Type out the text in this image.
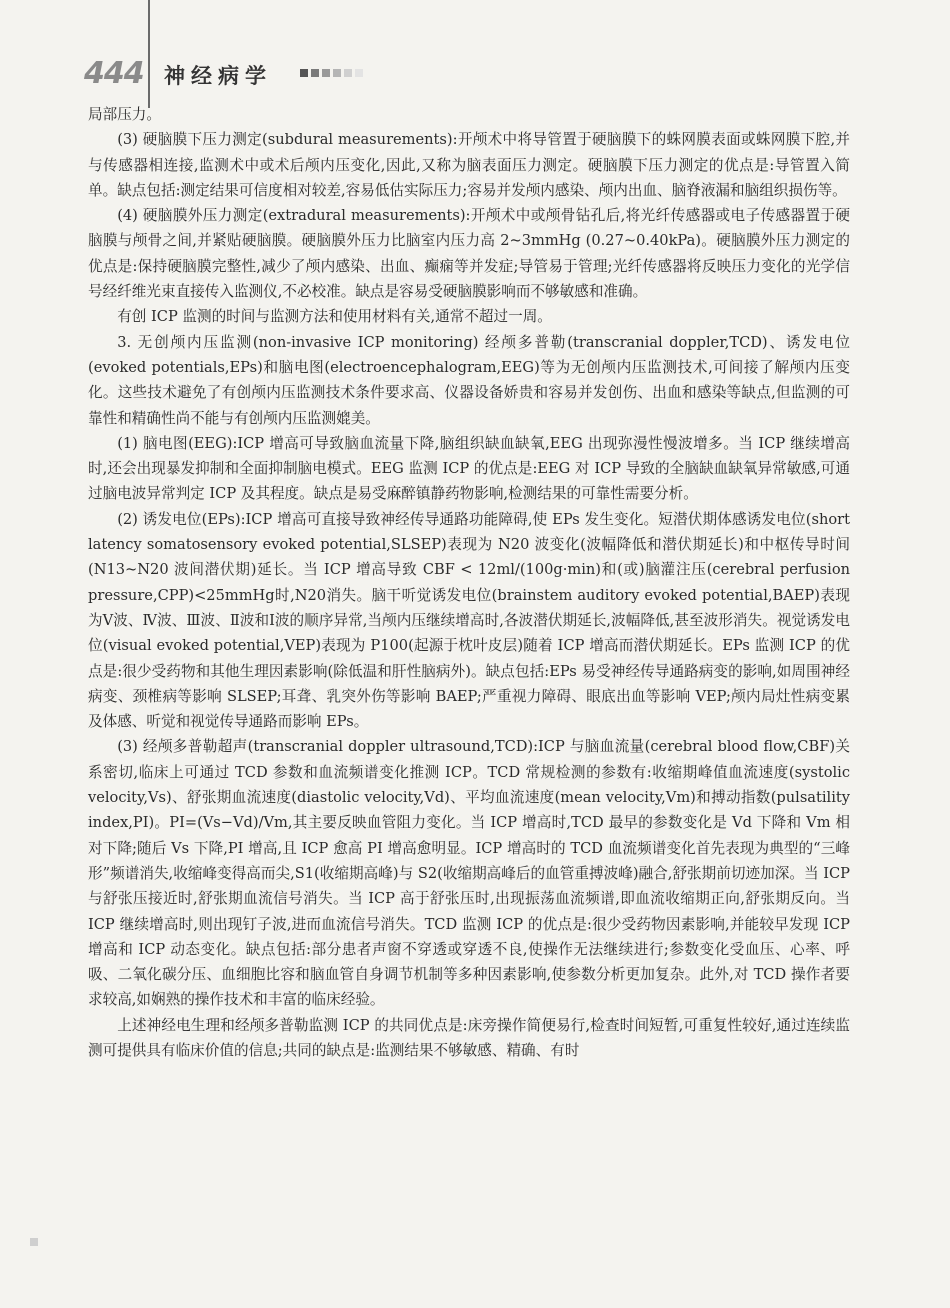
444 神经病学

局部压力。

(3) 硬脑膜下压力测定(subdural measurements):开颅术中将导管置于硬脑膜下的蛛网膜表面或蛛网膜下腔,并与传感器相连接,监测术中或术后颅内压变化,因此,又称为脑表面压力测定。硬脑膜下压力测定的优点是:导管置入简单。缺点包括:测定结果可信度相对较差,容易低估实际压力;容易并发颅内感染、颅内出血、脑脊液漏和脑组织损伤等。

(4) 硬脑膜外压力测定(extradural measurements):开颅术中或颅骨钻孔后,将光纤传感器或电子传感器置于硬脑膜与颅骨之间,并紧贴硬脑膜。硬脑膜外压力比脑室内压力高 2~3mmHg (0.27~0.40kPa)。硬脑膜外压力测定的优点是:保持硬脑膜完整性,减少了颅内感染、出血、癫痫等并发症;导管易于管理;光纤传感器将反映压力变化的光学信号经纤维光束直接传入监测仪,不必校准。缺点是容易受硬脑膜影响而不够敏感和准确。

有创 ICP 监测的时间与监测方法和使用材料有关,通常不超过一周。

3. 无创颅内压监测(non-invasive ICP monitoring) 经颅多普勒(transcranial doppler,TCD)、诱发电位(evoked potentials,EPs)和脑电图(electroencephalogram,EEG)等为无创颅内压监测技术,可间接了解颅内压变化。这些技术避免了有创颅内压监测技术条件要求高、仪器设备娇贵和容易并发创伤、出血和感染等缺点,但监测的可靠性和精确性尚不能与有创颅内压监测媲美。

(1) 脑电图(EEG):ICP 增高可导致脑血流量下降,脑组织缺血缺氧,EEG 出现弥漫性慢波增多。当 ICP 继续增高时,还会出现暴发抑制和全面抑制脑电模式。EEG 监测 ICP 的优点是:EEG 对 ICP 导致的全脑缺血缺氧异常敏感,可通过脑电波异常判定 ICP 及其程度。缺点是易受麻醉镇静药物影响,检测结果的可靠性需要分析。

(2) 诱发电位(EPs):ICP 增高可直接导致神经传导通路功能障碍,使 EPs 发生变化。短潜伏期体感诱发电位(short latency somatosensory evoked potential,SLSEP)表现为 N20 波变化(波幅降低和潜伏期延长)和中枢传导时间(N13~N20 波间潜伏期)延长。当 ICP 增高导致 CBF < 12ml/(100g·min)和(或)脑灌注压(cerebral perfusion pressure,CPP)<25mmHg时,N20消失。脑干听觉诱发电位(brainstem auditory evoked potential,BAEP)表现为Ⅴ波、Ⅳ波、Ⅲ波、Ⅱ波和Ⅰ波的顺序异常,当颅内压继续增高时,各波潜伏期延长,波幅降低,甚至波形消失。视觉诱发电位(visual evoked potential,VEP)表现为 P100(起源于枕叶皮层)随着 ICP 增高而潜伏期延长。EPs 监测 ICP 的优点是:很少受药物和其他生理因素影响(除低温和肝性脑病外)。缺点包括:EPs 易受神经传导通路病变的影响,如周围神经病变、颈椎病等影响 SLSEP;耳聋、乳突外伤等影响 BAEP;严重视力障碍、眼底出血等影响 VEP;颅内局灶性病变累及体感、听觉和视觉传导通路而影响 EPs。

(3) 经颅多普勒超声(transcranial doppler ultrasound,TCD):ICP 与脑血流量(cerebral blood flow,CBF)关系密切,临床上可通过 TCD 参数和血流频谱变化推测 ICP。TCD 常规检测的参数有:收缩期峰值血流速度(systolic velocity,Vs)、舒张期血流速度(diastolic velocity,Vd)、平均血流速度(mean velocity,Vm)和搏动指数(pulsatility index,PI)。PI=(Vs−Vd)/Vm,其主要反映血管阻力变化。当 ICP 增高时,TCD 最早的参数变化是 Vd 下降和 Vm 相对下降;随后 Vs 下降,PI 增高,且 ICP 愈高 PI 增高愈明显。ICP 增高时的 TCD 血流频谱变化首先表现为典型的“三峰形”频谱消失,收缩峰变得高而尖,S1(收缩期高峰)与 S2(收缩期高峰后的血管重搏波峰)融合,舒张期前切迹加深。当 ICP 与舒张压接近时,舒张期血流信号消失。当 ICP 高于舒张压时,出现振荡血流频谱,即血流收缩期正向,舒张期反向。当 ICP 继续增高时,则出现钉子波,进而血流信号消失。TCD 监测 ICP 的优点是:很少受药物因素影响,并能较早发现 ICP 增高和 ICP 动态变化。缺点包括:部分患者声窗不穿透或穿透不良,使操作无法继续进行;参数变化受血压、心率、呼吸、二氧化碳分压、血细胞比容和脑血管自身调节机制等多种因素影响,使参数分析更加复杂。此外,对 TCD 操作者要求较高,如娴熟的操作技术和丰富的临床经验。

上述神经电生理和经颅多普勒监测 ICP 的共同优点是:床旁操作简便易行,检查时间短暂,可重复性较好,通过连续监测可提供具有临床价值的信息;共同的缺点是:监测结果不够敏感、精确、有时
